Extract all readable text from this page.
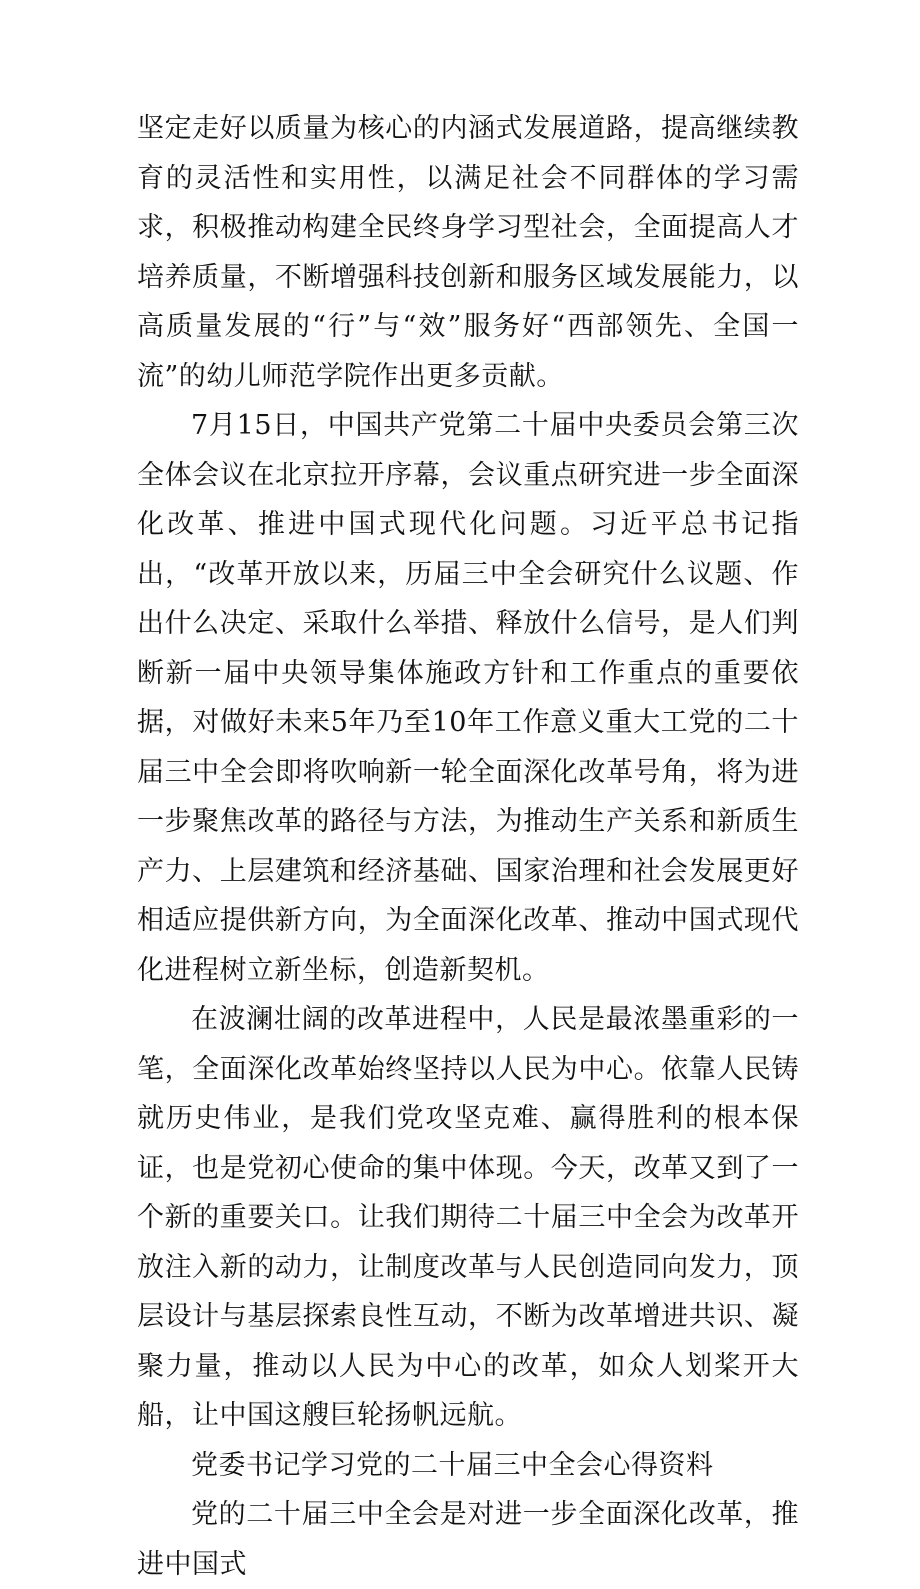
坚定走好以质量为核心的内涵式发展道路，提高继续教育的灵活性和实用性，以满足社会不同群体的学习需求，积极推动构建全民终身学习型社会，全面提高人才培养质量，不断增强科技创新和服务区域发展能力，以高质量发展的“行”与“效”服务好“西部领先、全国一流”的幼儿师范学院作出更多贡献。

7月15日，中国共产党第二十届中央委员会第三次全体会议在北京拉开序幕，会议重点研究进一步全面深化改革、推进中国式现代化问题。习近平总书记指出，“改革开放以来，历届三中全会研究什么议题、作出什么决定、采取什么举措、释放什么信号，是人们判断新一届中央领导集体施政方针和工作重点的重要依据，对做好未来5年乃至10年工作意义重大工党的二十届三中全会即将吹响新一轮全面深化改革号角，将为进一步聚焦改革的路径与方法，为推动生产关系和新质生产力、上层建筑和经济基础、国家治理和社会发展更好相适应提供新方向，为全面深化改革、推动中国式现代化进程树立新坐标，创造新契机。

在波澜壮阔的改革进程中，人民是最浓墨重彩的一笔，全面深化改革始终坚持以人民为中心。依靠人民铸就历史伟业，是我们党攻坚克难、赢得胜利的根本保证，也是党初心使命的集中体现。今天，改革又到了一个新的重要关口。让我们期待二十届三中全会为改革开放注入新的动力，让制度改革与人民创造同向发力，顶层设计与基层探索良性互动，不断为改革增进共识、凝聚力量，推动以人民为中心的改革，如众人划桨开大船，让中国这艘巨轮扬帆远航。

党委书记学习党的二十届三中全会心得资料

党的二十届三中全会是对进一步全面深化改革，推进中国式
